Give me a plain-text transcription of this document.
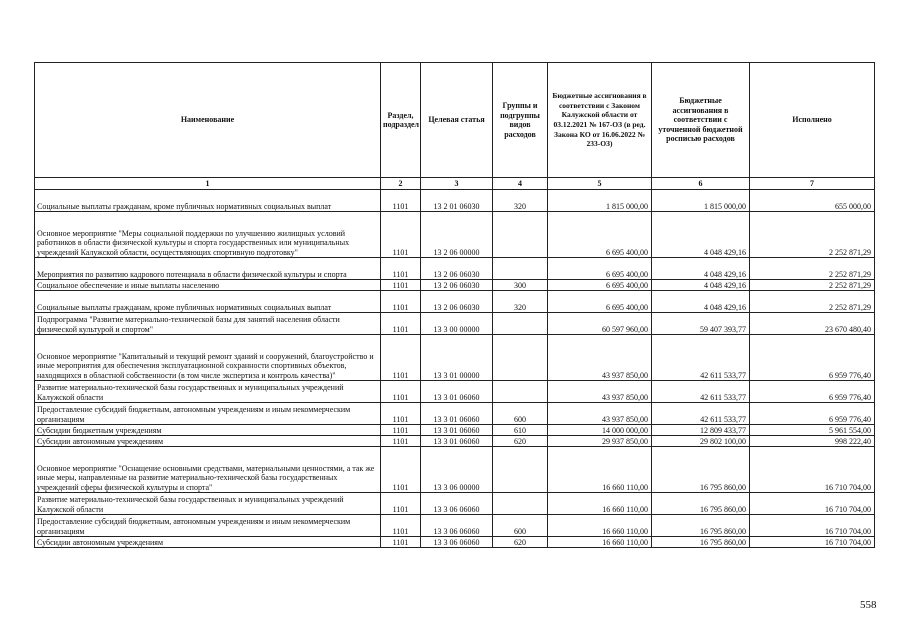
Наименование	Раздел, подраздел	Целевая статья	Группы и подгруппы видов расходов	Бюджетные ассигнования в соответствии с Законом Калужской области от 03.12.2021 № 167-ОЗ (в ред. Закона КО от 16.06.2022 № 233-ОЗ)	Бюджетные ассигнования в соответствии с уточненной бюджетной росписью расходов	Исполнено
1	2	3	4	5	6	7
Социальные выплаты гражданам, кроме публичных нормативных социальных выплат	1101	13 2 01 06030	320	1 815 000,00	1 815 000,00	655 000,00
Основное мероприятие "Меры социальной поддержки по улучшению жилищных условий работников в области физической культуры и спорта государственных или муниципальных учреждений Калужской области, осуществляющих спортивную подготовку"	1101	13 2 06 00000		6 695 400,00	4 048 429,16	2 252 871,29
Мероприятия по развитию кадрового потенциала в области физической культуры и спорта	1101	13 2 06 06030		6 695 400,00	4 048 429,16	2 252 871,29
Социальное обеспечение и иные выплаты населению	1101	13 2 06 06030	300	6 695 400,00	4 048 429,16	2 252 871,29
Социальные выплаты гражданам, кроме публичных нормативных социальных выплат	1101	13 2 06 06030	320	6 695 400,00	4 048 429,16	2 252 871,29
Подпрограмма "Развитие материально-технической базы для занятий населения области физической культурой и спортом"	1101	13 3 00 00000		60 597 960,00	59 407 393,77	23 670 480,40
Основное мероприятие "Капитальный и текущий ремонт зданий и сооружений, благоустройство и иные мероприятия для обеспечения эксплуатационной сохранности спортивных объектов, находящихся в областной собственности (в том числе экспертиза и контроль качества)"	1101	13 3 01 00000		43 937 850,00	42 611 533,77	6 959 776,40
Развитие материально-технической базы государственных и муниципальных учреждений Калужской области	1101	13 3 01 06060		43 937 850,00	42 611 533,77	6 959 776,40
Предоставление субсидий бюджетным, автономным учреждениям и иным некоммерческим организациям	1101	13 3 01 06060	600	43 937 850,00	42 611 533,77	6 959 776,40
Субсидии бюджетным учреждениям	1101	13 3 01 06060	610	14 000 000,00	12 809 433,77	5 961 554,00
Субсидии автономным учреждениям	1101	13 3 01 06060	620	29 937 850,00	29 802 100,00	998 222,40
Основное мероприятие "Оснащение основными средствами, материальными ценностями, а так же иные меры, направленные на развитие материально-технической базы государственных учреждений сферы физической культуры и спорта"	1101	13 3 06 00000		16 660 110,00	16 795 860,00	16 710 704,00
Развитие материально-технической базы государственных и муниципальных учреждений Калужской области	1101	13 3 06 06060		16 660 110,00	16 795 860,00	16 710 704,00
Предоставление субсидий бюджетным, автономным учреждениям и иным некоммерческим организациям	1101	13 3 06 06060	600	16 660 110,00	16 795 860,00	16 710 704,00
Субсидии автономным учреждениям	1101	13 3 06 06060	620	16 660 110,00	16 795 860,00	16 710 704,00
558
